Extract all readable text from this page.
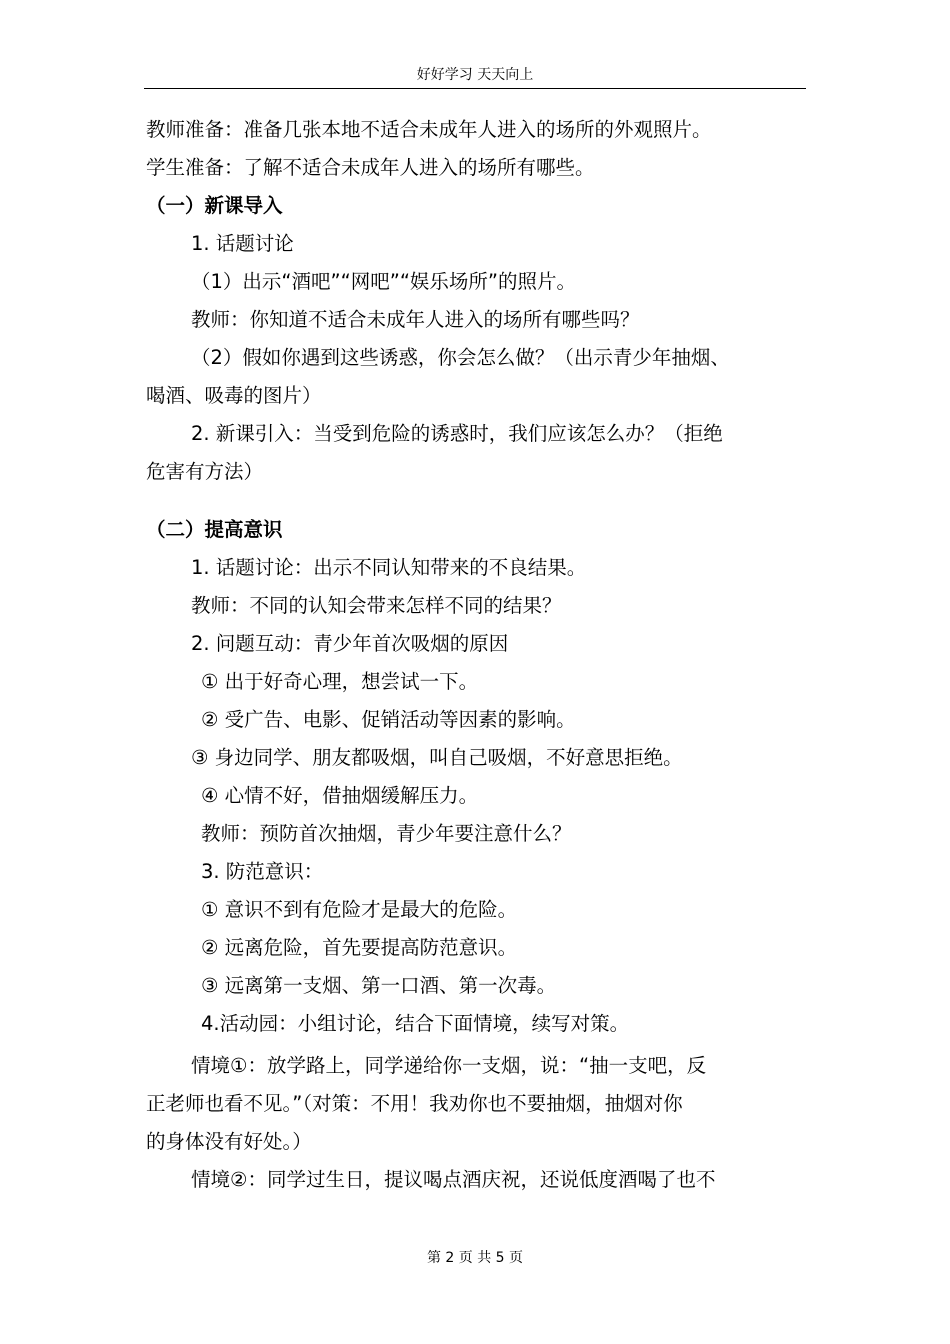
好好学习 天天向上
教师准备：准备几张本地不适合未成年人进入的场所的外观照片。
学生准备：了解不适合未成年人进入的场所有哪些。
（一）新课导入
1. 话题讨论
（1）出示“酒吧”“网吧”“娱乐场所”的照片。
教师：你知道不适合未成年人进入的场所有哪些吗？
（2）假如你遇到这些诱惑，你会怎么做？（出示青少年抽烟、
喝酒、吸毒的图片）
2. 新课引入：当受到危险的诱惑时，我们应该怎么办？（拒绝
危害有方法）
（二）提高意识
1. 话题讨论：出示不同认知带来的不良结果。
教师：不同的认知会带来怎样不同的结果？
2. 问题互动：青少年首次吸烟的原因
① 出于好奇心理，想尝试一下。
② 受广告、电影、促销活动等因素的影响。
③ 身边同学、朋友都吸烟，叫自己吸烟，不好意思拒绝。
④ 心情不好，借抽烟缓解压力。
教师：预防首次抽烟，青少年要注意什么？
3. 防范意识：
① 意识不到有危险才是最大的危险。
② 远离危险，首先要提高防范意识。
③ 远离第一支烟、第一口酒、第一次毒。
4.活动园：小组讨论，结合下面情境，续写对策。
情境①：放学路上，同学递给你一支烟，说：“抽一支吧，反
正老师也看不见。”（对策：不用！我劝你也不要抽烟，抽烟对你
的身体没有好处。）
情境②：同学过生日，提议喝点酒庆祝，还说低度酒喝了也不
第 2 页 共 5 页
